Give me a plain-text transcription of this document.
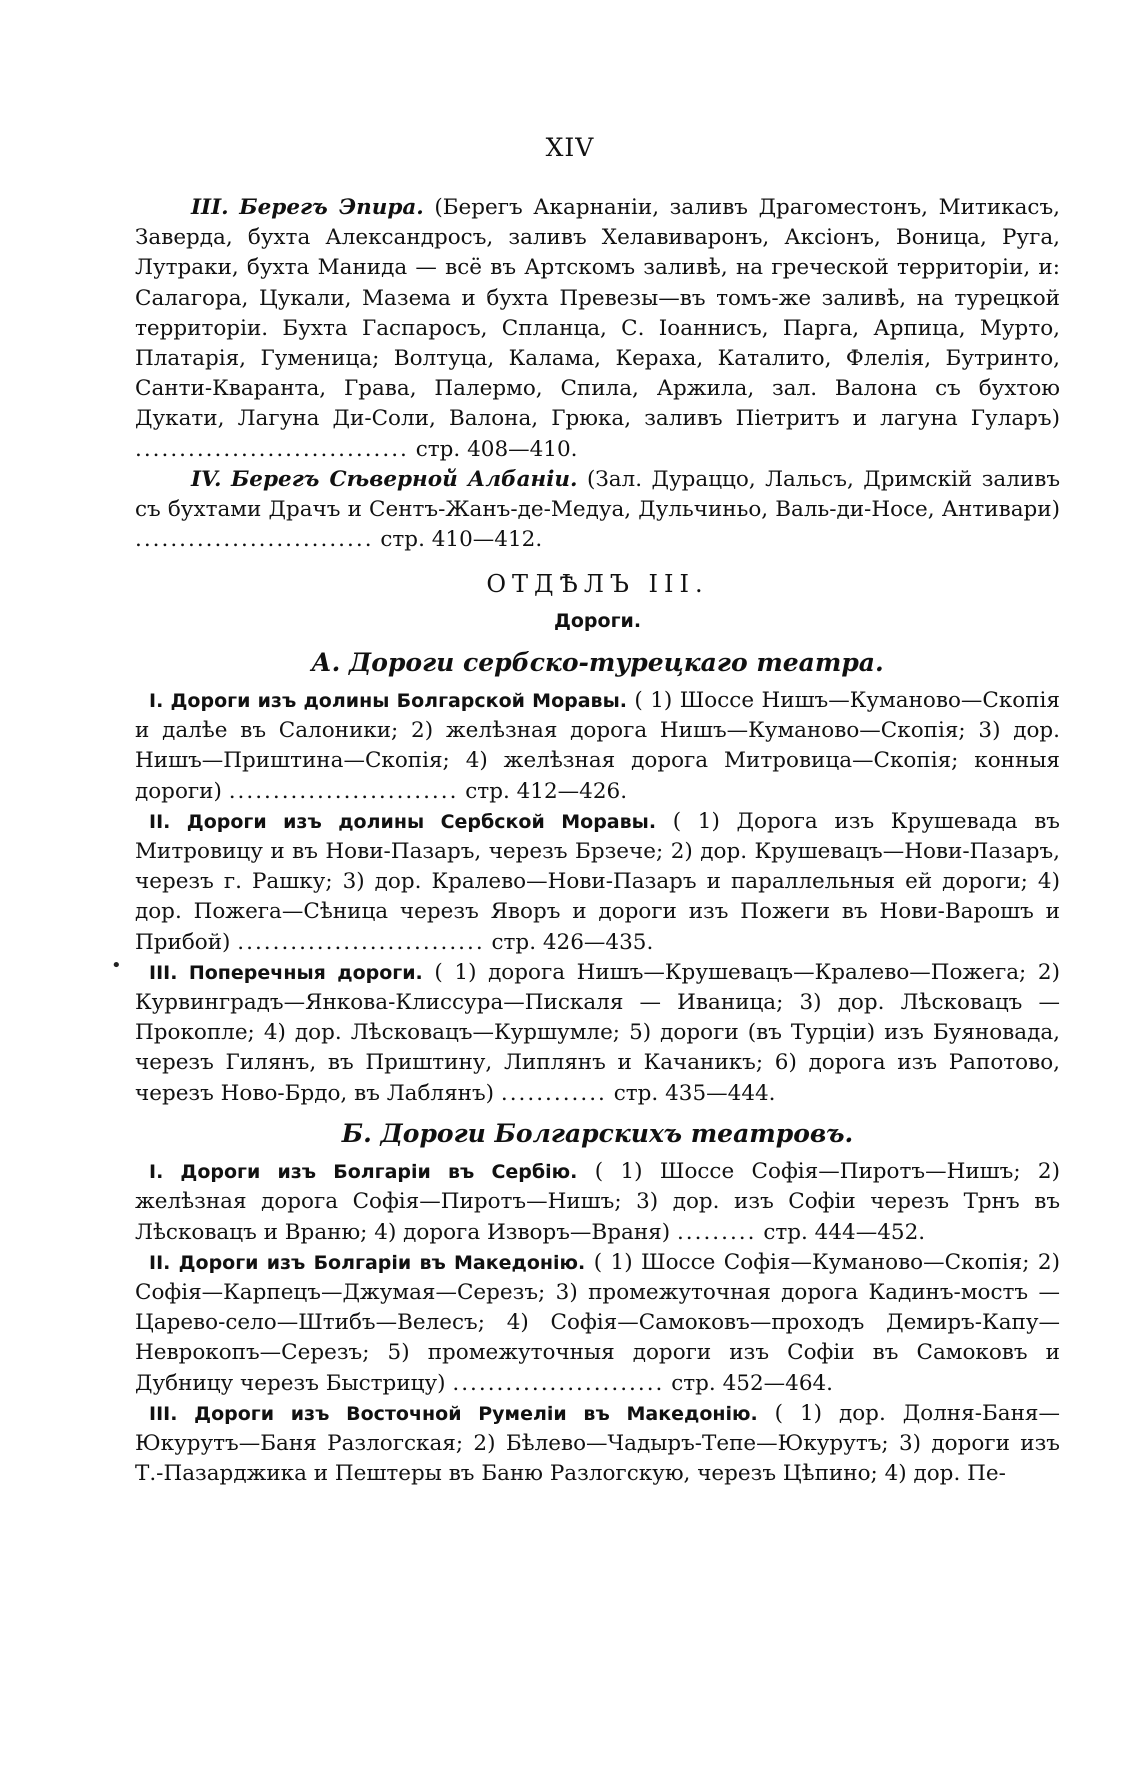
XIV
•

III. Берегъ Эпира. (Берегъ Акарнаніи, заливъ Драгоместонъ, Митикасъ, Заверда, бухта Александросъ, заливъ Хелавиваронъ, Аксіонъ, Воница, Руга, Лутраки, бухта Манида — всё въ Артскомъ заливѣ, на греческой территоріи, и: Салагора, Цукали, Мазема и бухта Превезы—въ томъ-же заливѣ, на турецкой территоріи. Бухта Гаспаросъ, Спланца, С. Іоаннисъ, Парга, Арпица, Мурто, Платарія, Гуменица; Волтуца, Калама, Кераха, Каталито, Флелія, Бутринто, Санти-Кваранта, Грава, Палермо, Спила, Аржила, зал. Валона съ бухтою Дукати, Лагуна Ди-Соли, Валона, Грюка, заливъ Піетритъ и лагуна Гуларъ) ............................... стр. 408—410.

IV. Берегъ Сѣверной Албаніи. (Зал. Дураццо, Лальсъ, Дримскій заливъ съ бухтами Драчъ и Сентъ-Жанъ-де-Медуа, Дульчиньо, Валь-ди-Носе, Антивари) ........................... стр. 410—412.

ОТДѢЛЪ III.
Дороги.
А. Дороги сербско-турецкаго театра.

I. Дороги изъ долины Болгарской Моравы. ( 1) Шоссе Нишъ—Куманово—Скопія и далѣе въ Салоники; 2) желѣзная дорога Нишъ—Куманово—Скопія; 3) дор. Нишъ—Приштина—Скопія; 4) желѣзная дорога Митровица—Скопія; конныя дороги) .......................... стр. 412—426.

II. Дороги изъ долины Сербской Моравы. ( 1) Дорога изъ Крушевада въ Митровицу и въ Нови-Пазаръ, черезъ Брзече; 2) дор. Крушевацъ—Нови-Пазаръ, черезъ г. Рашку; 3) дор. Кралево—Нови-Пазаръ и параллельныя ей дороги; 4) дор. Пожега—Сѣница черезъ Яворъ и дороги изъ Пожеги въ Нови-Варошъ и Прибой) ............................ стр. 426—435.

III. Поперечныя дороги. ( 1) дорога Нишъ—Крушевацъ—Кралево—Пожега; 2) Курвинградъ—Янкова-Клиссура—Пискаля — Иваница; 3) дор. Лѣсковацъ — Прокопле; 4) дор. Лѣсковацъ—Куршумле; 5) дороги (въ Турціи) изъ Буяновада, черезъ Гилянъ, въ Приштину, Липлянъ и Качаникъ; 6) дорога изъ Рапотово, черезъ Ново-Брдо, въ Лаблянъ) ............ стр. 435—444.

Б. Дороги Болгарскихъ театровъ.

I. Дороги изъ Болгаріи въ Сербію. ( 1) Шоссе Софія—Пиротъ—Нишъ; 2) желѣзная дорога Софія—Пиротъ—Нишъ; 3) дор. изъ Софіи черезъ Трнъ въ Лѣсковацъ и Враню; 4) дорога Изворъ—Враня) ......... стр. 444—452.

II. Дороги изъ Болгаріи въ Македонію. ( 1) Шоссе Софія—Куманово—Скопія; 2) Софія—Карпецъ—Джумая—Серезъ; 3) промежуточная дорога Кадинъ-мостъ —Царево-село—Штибъ—Велесъ; 4) Софія—Самоковъ—проходъ Демиръ-Капу—Неврокопъ—Серезъ; 5) промежуточныя дороги изъ Софіи въ Самоковъ и Дубницу черезъ Быстрицу) ........................ стр. 452—464.

III. Дороги изъ Восточной Румеліи въ Македонію. ( 1) дор. Долня-Баня—Юкурутъ—Баня Разлогская; 2) Бѣлево—Чадыръ-Тепе—Юкурутъ; 3) дороги изъ Т.-Пазарджика и Пештеры въ Баню Разлогскую, черезъ Цѣпино; 4) дор. Пе-
